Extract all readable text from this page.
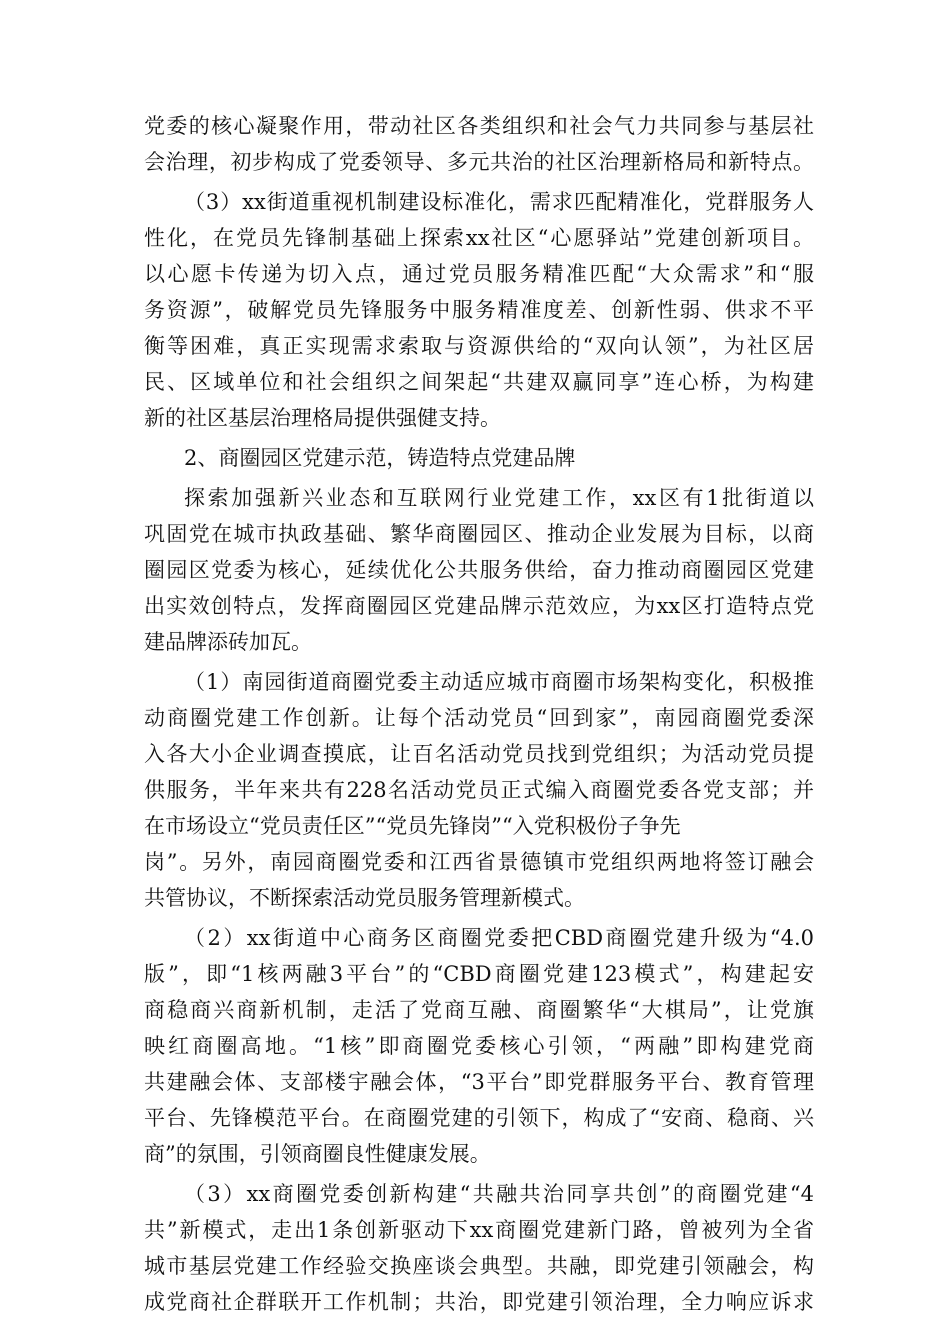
党委的核心凝聚作用，带动社区各类组织和社会气力共同参与基层社
会治理，初步构成了党委领导、多元共治的社区治理新格局和新特点。
（3）xx街道重视机制建设标准化，需求匹配精准化，党群服务人
性化，在党员先锋制基础上探索xx社区“心愿驿站”党建创新项目。
以心愿卡传递为切入点，通过党员服务精准匹配“大众需求”和“服
务资源”，破解党员先锋服务中服务精准度差、创新性弱、供求不平
衡等困难，真正实现需求索取与资源供给的“双向认领”，为社区居
民、区域单位和社会组织之间架起“共建双赢同享”连心桥，为构建
新的社区基层治理格局提供强健支持。
2、商圈园区党建示范，铸造特点党建品牌
探索加强新兴业态和互联网行业党建工作，xx区有1批街道以
巩固党在城市执政基础、繁华商圈园区、推动企业发展为目标，以商
圈园区党委为核心，延续优化公共服务供给，奋力推动商圈园区党建
出实效创特点，发挥商圈园区党建品牌示范效应，为xx区打造特点党
建品牌添砖加瓦。
（1）南园街道商圈党委主动适应城市商圈市场架构变化，积极推
动商圈党建工作创新。让每个活动党员“回到家”，南园商圈党委深
入各大小企业调查摸底，让百名活动党员找到党组织；为活动党员提
供服务，半年来共有228名活动党员正式编入商圈党委各党支部；并
在市场设立“党员责任区”“党员先锋岗”“入党积极份子争先
岗”。另外，南园商圈党委和江西省景德镇市党组织两地将签订融会
共管协议，不断探索活动党员服务管理新模式。
（2）xx街道中心商务区商圈党委把CBD商圈党建升级为“4.0
版”，即“1核两融3平台”的“CBD商圈党建123模式”，构建起安
商稳商兴商新机制，走活了党商互融、商圈繁华“大棋局”，让党旗
映红商圈高地。“1核”即商圈党委核心引领，“两融”即构建党商
共建融会体、支部楼宇融会体，“3平台”即党群服务平台、教育管理
平台、先锋模范平台。在商圈党建的引领下，构成了“安商、稳商、兴
商”的氛围，引领商圈良性健康发展。
（3）xx商圈党委创新构建“共融共治同享共创”的商圈党建“4
共”新模式，走出1条创新驱动下xx商圈党建新门路，曾被列为全省
城市基层党建工作经验交换座谈会典型。共融，即党建引领融会，构
成党商社企群联开工作机制；共治，即党建引领治理，全力响应诉求
